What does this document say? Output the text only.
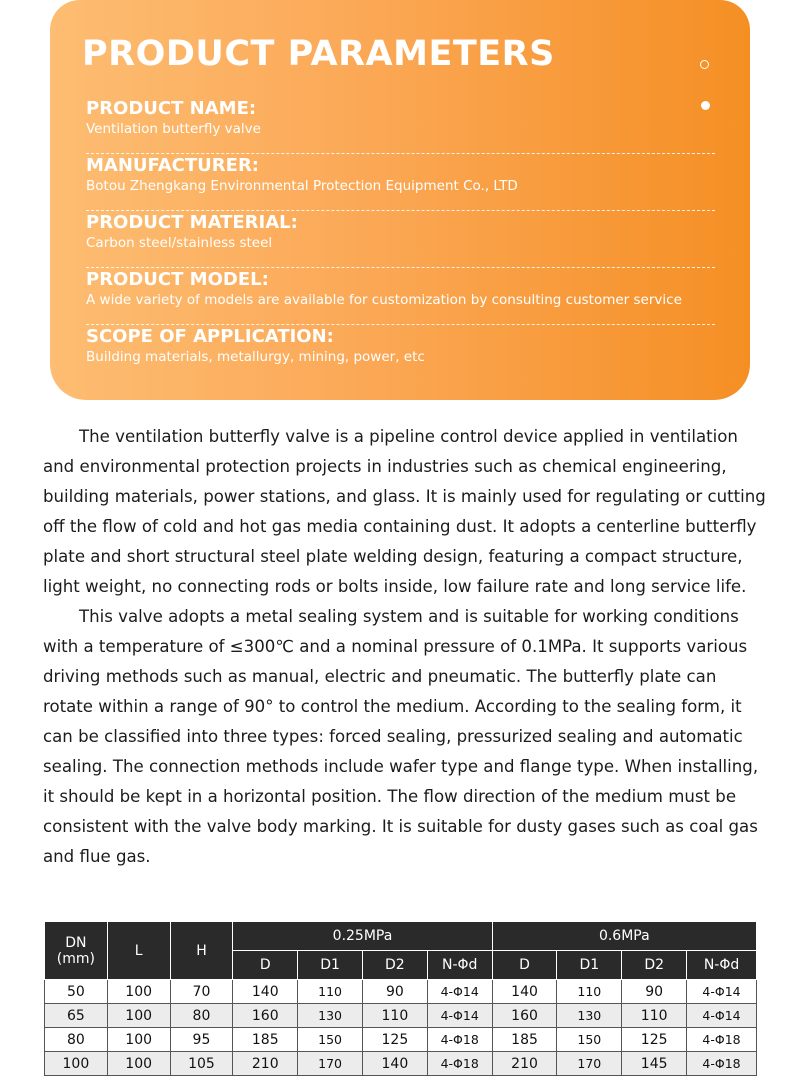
PRODUCT PARAMETERS
PRODUCT NAME:
Ventilation butterfly valve
MANUFACTURER:
Botou Zhengkang Environmental Protection Equipment Co., LTD
PRODUCT MATERIAL:
Carbon steel/stainless steel
PRODUCT MODEL:
A wide variety of models are available for customization by consulting customer service
SCOPE OF APPLICATION:
Building materials, metallurgy, mining, power, etc

The ventilation butterfly valve is a pipeline control device applied in ventilation and environmental protection projects in industries such as chemical engineering, building materials, power stations, and glass. It is mainly used for regulating or cutting off the flow of cold and hot gas media containing dust. It adopts a centerline butterfly plate and short structural steel plate welding design, featuring a compact structure, light weight, no connecting rods or bolts inside, low failure rate and long service life.

This valve adopts a metal sealing system and is suitable for working conditions with a temperature of ≤300℃ and a nominal pressure of 0.1MPa. It supports various driving methods such as manual, electric and pneumatic. The butterfly plate can rotate within a range of 90° to control the medium. According to the sealing form, it can be classified into three types: forced sealing, pressurized sealing and automatic sealing. The connection methods include wafer type and flange type. When installing, it should be kept in a horizontal position. The flow direction of the medium must be consistent with the valve body marking. It is suitable for dusty gases such as coal gas and flue gas.

DN
(mm)	L	H	0.25MPa				0.6MPa			
			D	D1	D2	N-Φd	D	D1	D2	N-Φd
50	100	70	140	110	90	4-Φ14	140	110	90	4-Φ14
65	100	80	160	130	110	4-Φ14	160	130	110	4-Φ14
80	100	95	185	150	125	4-Φ18	185	150	125	4-Φ18
100	100	105	210	170	140	4-Φ18	210	170	145	4-Φ18
